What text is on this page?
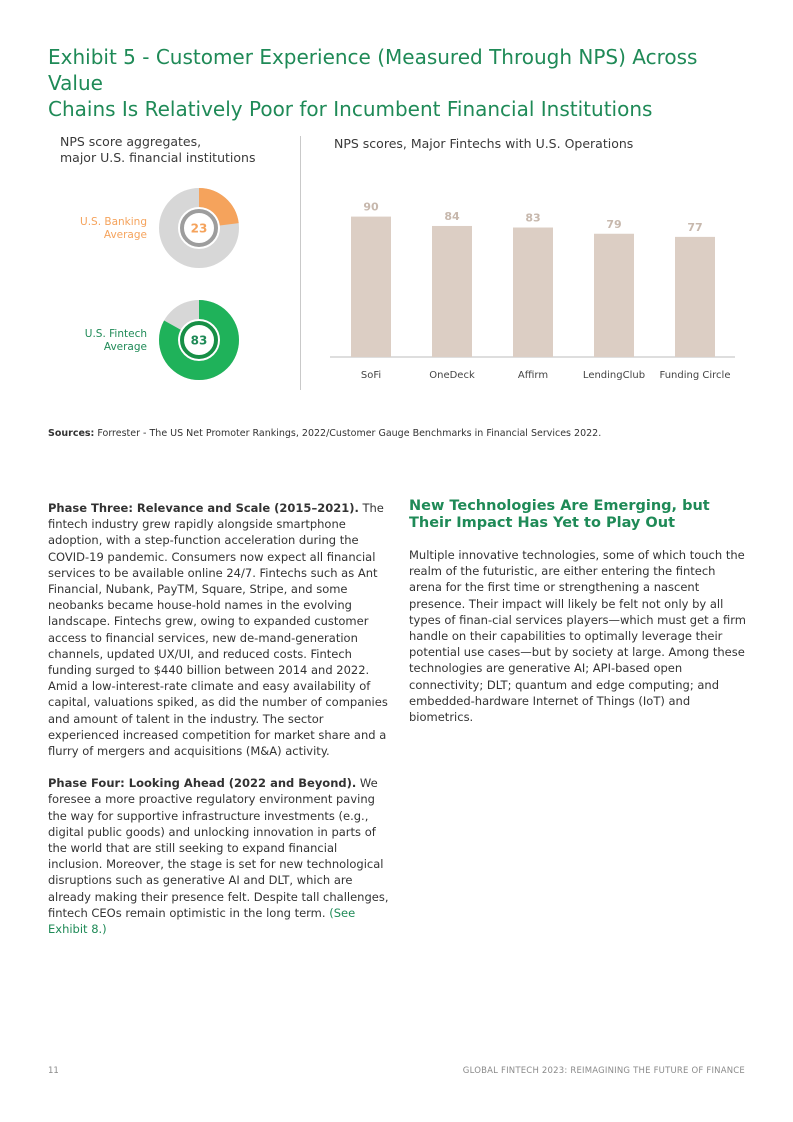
Exhibit 5 - Customer Experience (Measured Through NPS) Across Value
Chains Is Relatively Poor for Incumbent Financial Institutions
NPS score aggregates,
major U.S. financial institutions
U.S. Banking
Average	23
U.S. Fintech
Average	83
NPS scores, Major Fintechs with U.S. Operations
90
SoFi
84
OneDeck
83
Affirm
79
LendingClub
77
Funding Circle
Sources: Forrester - The US Net Promoter Rankings, 2022/Customer Gauge Benchmarks in Financial Services 2022.

Phase Three: Relevance and Scale (2015–2021). The fintech industry grew rapidly alongside smartphone adoption, with a step-function acceleration during the COVID-19 pandemic. Consumers now expect all financial services to be available online 24/7. Fintechs such as Ant Financial, Nubank, PayTM, Square, Stripe, and some neobanks became house-hold names in the evolving landscape. Fintechs grew, owing to expanded customer access to financial services, new de-mand-generation channels, updated UX/UI, and reduced costs. Fintech funding surged to $440 billion between 2014 and 2022. Amid a low-interest-rate climate and easy availability of capital, valuations spiked, as did the number of companies and amount of talent in the industry. The sector experienced increased competition for market share and a flurry of mergers and acquisitions (M&A) activity.

Phase Four: Looking Ahead (2022 and Beyond). We foresee a more proactive regulatory environment paving the way for supportive infrastructure investments (e.g., digital public goods) and unlocking innovation in parts of the world that are still seeking to expand financial inclusion. Moreover, the stage is set for new technological disruptions such as generative AI and DLT, which are already making their presence felt. Despite tall challenges, fintech CEOs remain optimistic in the long term. (See Exhibit 8.)

New Technologies Are Emerging, but Their Impact Has Yet to Play Out

Multiple innovative technologies, some of which touch the realm of the futuristic, are either entering the fintech arena for the first time or strengthening a nascent presence. Their impact will likely be felt not only by all types of finan-cial services players—which must get a firm handle on their capabilities to optimally leverage their potential use cases—but by society at large. Among these technologies are generative AI; API-based open connectivity; DLT; quantum and edge computing; and embedded-hardware Internet of Things (IoT) and biometrics.

11	GLOBAL FINTECH 2023: REIMAGINING THE FUTURE OF FINANCE
